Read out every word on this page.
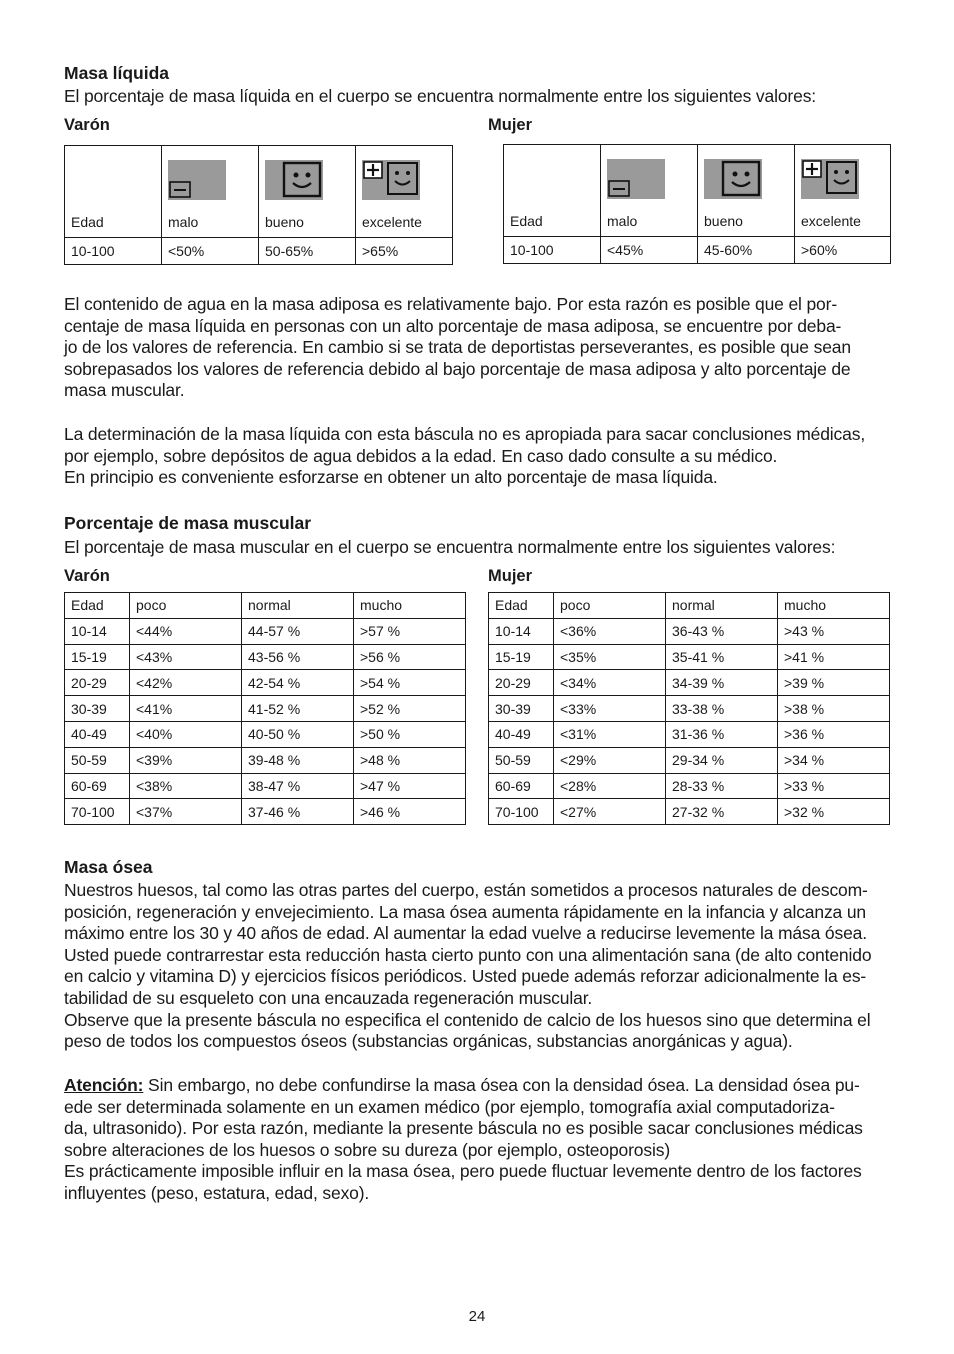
Masa líquida

El porcentaje de masa líquida en el cuerpo se encuentra normalmente entre los siguientes valores:

Varón	Mujer
Edad	malo	bueno	excelente
10-100	<50%	50-65%	>65%
Edad	malo	bueno	excelente
10-100	<45%	45-60%	>60%

El contenido de agua en la masa adiposa es relativamente bajo. Por esta razón es posible que el por-
centaje de masa líquida en personas con un alto porcentaje de masa adiposa, se encuentre por deba-
jo de los valores de referencia. En cambio si se trata de deportistas perseverantes, es posible que sean
sobrepasados los valores de referencia debido al bajo porcentaje de masa adiposa y alto porcentaje de
masa muscular.

La determinación de la masa líquida con esta báscula no es apropiada para sacar conclusiones médicas,
por ejemplo, sobre depósitos de agua debidos a la edad. En caso dado consulte a su médico.
En principio es conveniente esforzarse en obtener un alto porcentaje de masa líquida.

Porcentaje de masa muscular

El porcentaje de masa muscular en el cuerpo se encuentra normalmente entre los siguientes valores:

Varón	Mujer
Edad	poco	normal	mucho
10-14	<44%	44-57 %	>57 %
15-19	<43%	43-56 %	>56 %
20-29	<42%	42-54 %	>54 %
30-39	<41%	41-52 %	>52 %
40-49	<40%	40-50 %	>50 %
50-59	<39%	39-48 %	>48 %
60-69	<38%	38-47 %	>47 %
70-100	<37%	37-46 %	>46 %
Edad	poco	normal	mucho
10-14	<36%	36-43 %	>43 %
15-19	<35%	35-41 %	>41 %
20-29	<34%	34-39 %	>39 %
30-39	<33%	33-38 %	>38 %
40-49	<31%	31-36 %	>36 %
50-59	<29%	29-34 %	>34 %
60-69	<28%	28-33 %	>33 %
70-100	<27%	27-32 %	>32 %
Masa ósea

Nuestros huesos, tal como las otras partes del cuerpo, están sometidos a procesos naturales de descom-
posición, regeneración y envejecimiento. La masa ósea aumenta rápidamente en la infancia y alcanza un
máximo entre los 30 y 40 años de edad. Al aumentar la edad vuelve a reducirse levemente la mása ósea.
Usted puede contrarrestar esta reducción hasta cierto punto con una alimentación sana (de alto contenido
en calcio y vitamina D) y ejercicios físicos periódicos. Usted puede además reforzar adicionalmente la es-
tabilidad de su esqueleto con una encauzada regeneración muscular.
Observe que la presente báscula no especifica el contenido de calcio de los huesos sino que determina el
peso de todos los compuestos óseos (substancias orgánicas, substancias anorgánicas y agua).

Atención: Sin embargo, no debe confundirse la masa ósea con la densidad ósea. La densidad ósea pu-
ede ser determinada solamente en un examen médico (por ejemplo, tomografía axial computadoriza-
da, ultrasonido). Por esta razón, mediante la presente báscula no es posible sacar conclusiones médicas
sobre alteraciones de los huesos o sobre su dureza (por ejemplo, osteoporosis)
Es prácticamente imposible influir en la masa ósea, pero puede fluctuar levemente dentro de los factores
influyentes (peso, estatura, edad, sexo).

24
